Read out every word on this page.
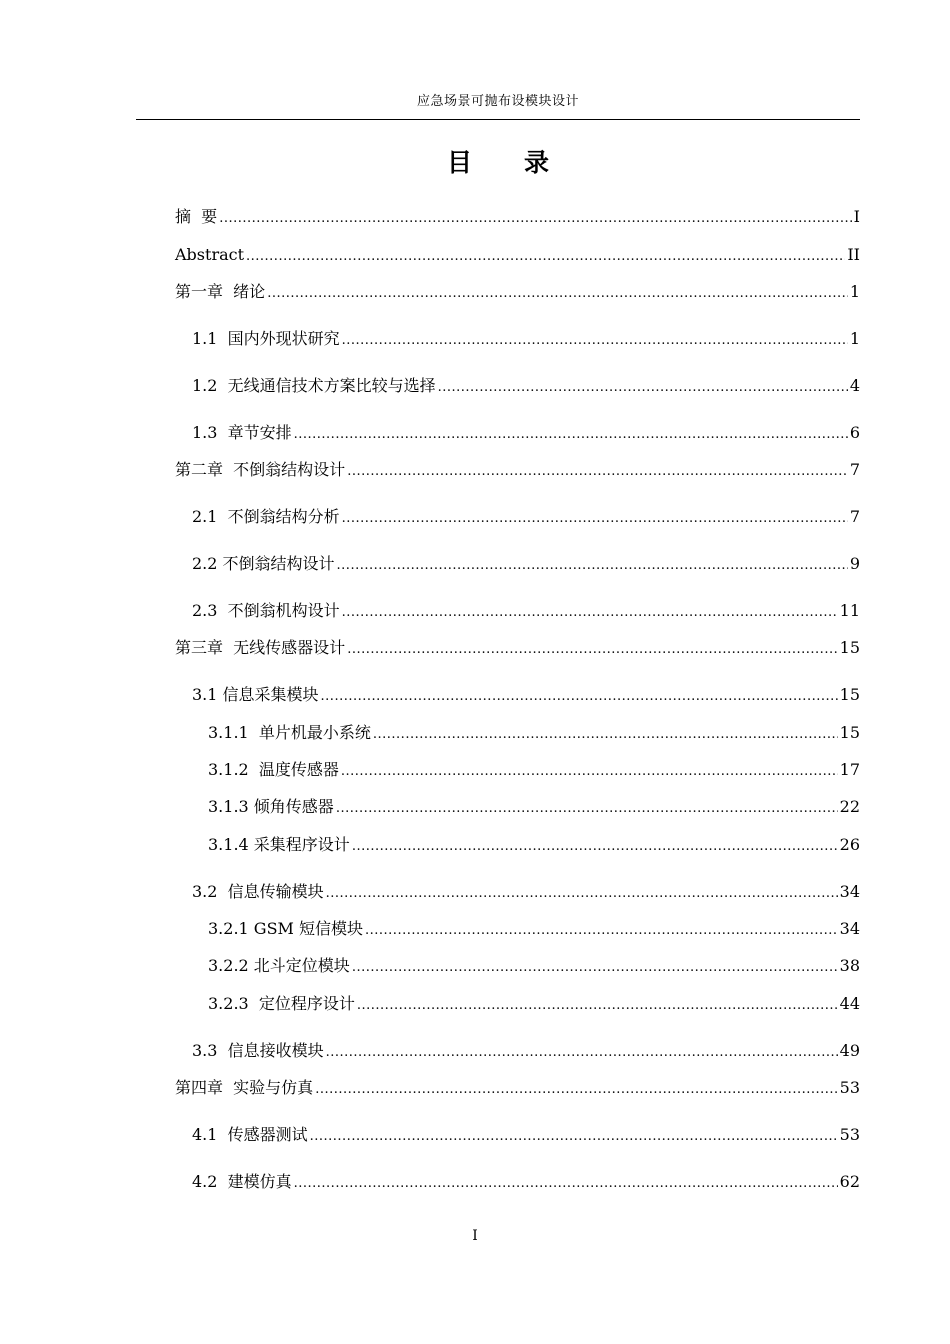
应急场景可抛布设模块设计
目录
摘  要 .....	I
Abstract .....	II
第一章  绪论 .....	1
1.1  国内外现状研究 .....	1
1.2  无线通信技术方案比较与选择 .....	4
1.3  章节安排 .....	6
第二章  不倒翁结构设计 .....	7
2.1  不倒翁结构分析 .....	7
2.2 不倒翁结构设计 .....	9
2.3  不倒翁机构设计 .....	11
第三章  无线传感器设计 .....	15
3.1 信息采集模块 .....	15
3.1.1  单片机最小系统 .....	15
3.1.2  温度传感器 .....	17
3.1.3 倾角传感器 .....	22
3.1.4 采集程序设计 .....	26
3.2  信息传输模块 .....	34
3.2.1 GSM 短信模块 .....	34
3.2.2 北斗定位模块 .....	38
3.2.3  定位程序设计 .....	44
3.3  信息接收模块 .....	49
第四章  实验与仿真 .....	53
4.1  传感器测试 .....	53
4.2  建模仿真 .....	62
I
